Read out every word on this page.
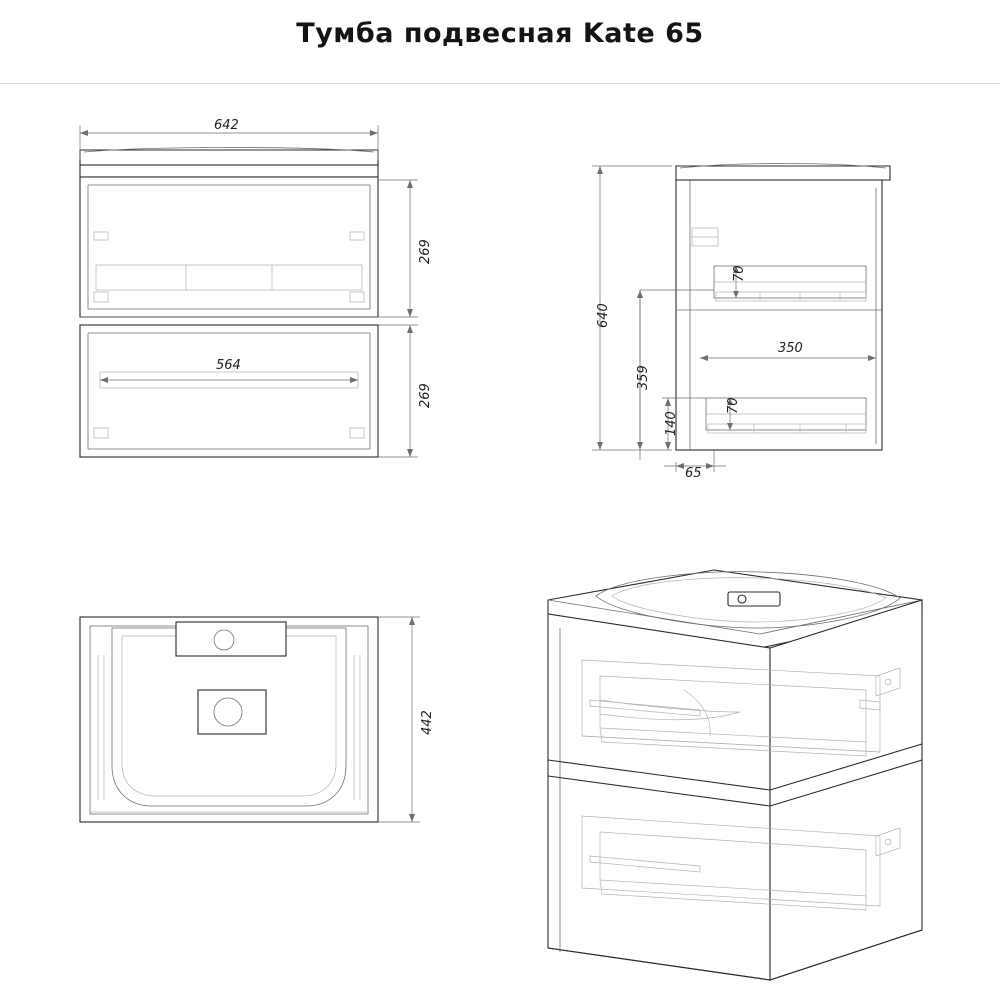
Тумба подвесная Kate 65
642
564
269
269
640
359
140
350
65
70
70
442
